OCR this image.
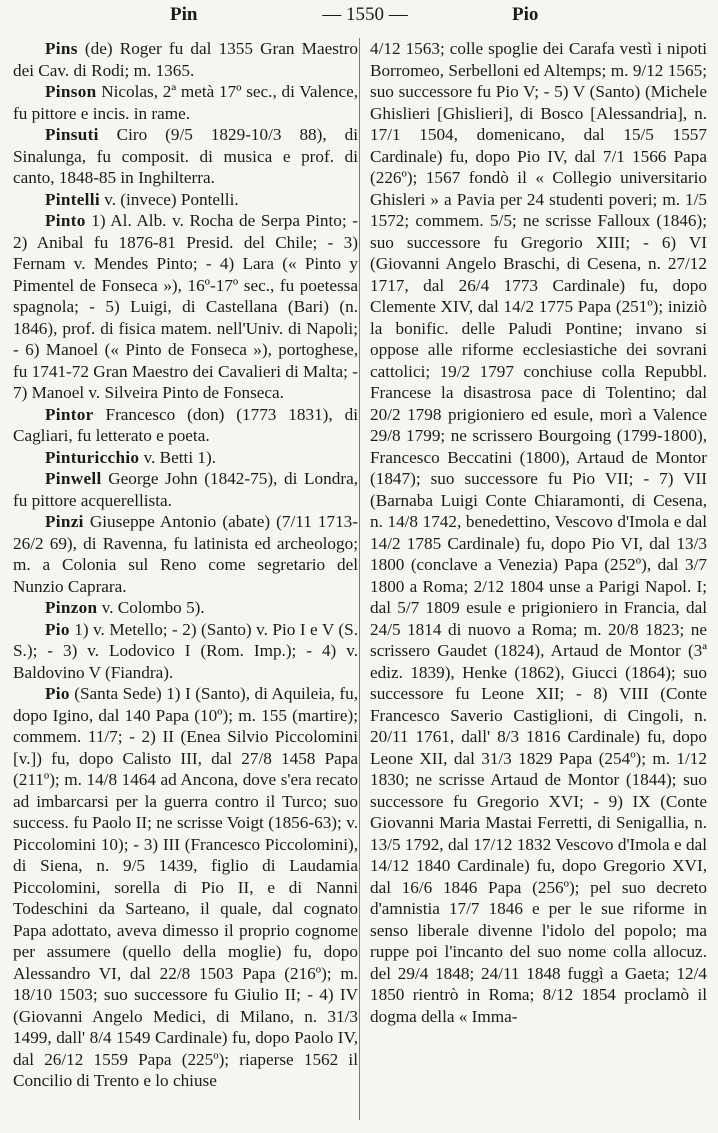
Pin	— 1550 —	Pio

Pins (de) Roger fu dal 1355 Gran Maestro dei Cav. di Rodi; m. 1365.

Pinson Nicolas, 2ª metà 17º sec., di Valence, fu pittore e incis. in rame.

Pinsuti Ciro (9/5 1829-10/3 88), di Sinalunga, fu composit. di musica e prof. di canto, 1848-85 in Inghilterra.

Pintelli v. (invece) Pontelli.

Pinto 1) Al. Alb. v. Rocha de Serpa Pinto; - 2) Anibal fu 1876-81 Presid. del Chile; - 3) Fernam v. Mendes Pinto; - 4) Lara (« Pinto y Pimentel de Fonseca »), 16º-17º sec., fu poetessa spagnola; - 5) Luigi, di Castellana (Bari) (n. 1846), prof. di fisica matem. nell'Univ. di Napoli; - 6) Manoel (« Pinto de Fonseca »), portoghese, fu 1741-72 Gran Maestro dei Cavalieri di Malta; - 7) Manoel v. Silveira Pinto de Fonseca.

Pintor Francesco (don) (1773 1831), di Cagliari, fu letterato e poeta.

Pinturicchio v. Betti 1).

Pinwell George John (1842-75), di Londra, fu pittore acquerellista.

Pinzi Giuseppe Antonio (abate) (7/11 1713-26/2 69), di Ravenna, fu latinista ed archeologo; m. a Colonia sul Reno come segretario del Nunzio Caprara.

Pinzon v. Colombo 5).

Pio 1) v. Metello; - 2) (Santo) v. Pio I e V (S. S.); - 3) v. Lodovico I (Rom. Imp.); - 4) v. Baldovino V (Fiandra).

Pio (Santa Sede) 1) I (Santo), di Aquileia, fu, dopo Igino, dal 140 Papa (10º); m. 155 (martire); commem. 11/7; - 2) II (Enea Silvio Piccolomini [v.]) fu, dopo Calisto III, dal 27/8 1458 Papa (211º); m. 14/8 1464 ad Ancona, dove s'era recato ad imbarcarsi per la guerra contro il Turco; suo success. fu Paolo II; ne scrisse Voigt (1856-63); v. Piccolomini 10); - 3) III (Francesco Piccolomini), di Siena, n. 9/5 1439, figlio di Laudamia Piccolomini, sorella di Pio II, e di Nanni Todeschini da Sarteano, il quale, dal cognato Papa adottato, aveva dimesso il proprio cognome per assumere (quello della moglie) fu, dopo Alessandro VI, dal 22/8 1503 Papa (216º); m. 18/10 1503; suo successore fu Giulio II; - 4) IV (Giovanni Angelo Medici, di Milano, n. 31/3 1499, dall' 8/4 1549 Cardinale) fu, dopo Paolo IV, dal 26/12 1559 Papa (225º); riaperse 1562 il Concilio di Trento e lo chiuse

4/12 1563; colle spoglie dei Carafa vestì i nipoti Borromeo, Serbelloni ed Altemps; m. 9/12 1565; suo successore fu Pio V; - 5) V (Santo) (Michele Ghislieri [Ghislieri], di Bosco [Alessandria], n. 17/1 1504, domenicano, dal 15/5 1557 Cardinale) fu, dopo Pio IV, dal 7/1 1566 Papa (226º); 1567 fondò il « Collegio universitario Ghisleri » a Pavia per 24 studenti poveri; m. 1/5 1572; commem. 5/5; ne scrisse Falloux (1846); suo successore fu Gregorio XIII; - 6) VI (Giovanni Angelo Braschi, di Cesena, n. 27/12 1717, dal 26/4 1773 Cardinale) fu, dopo Clemente XIV, dal 14/2 1775 Papa (251º); iniziò la bonific. delle Paludi Pontine; invano si oppose alle riforme ecclesiastiche dei sovrani cattolici; 19/2 1797 conchiuse colla Repubbl. Francese la disastrosa pace di Tolentino; dal 20/2 1798 prigioniero ed esule, morì a Valence 29/8 1799; ne scrissero Bourgoing (1799-1800), Francesco Beccatini (1800), Artaud de Montor (1847); suo successore fu Pio VII; - 7) VII (Barnaba Luigi Conte Chiaramonti, di Cesena, n. 14/8 1742, benedettino, Vescovo d'Imola e dal 14/2 1785 Cardinale) fu, dopo Pio VI, dal 13/3 1800 (conclave a Venezia) Papa (252º), dal 3/7 1800 a Roma; 2/12 1804 unse a Parigi Napol. I; dal 5/7 1809 esule e prigioniero in Francia, dal 24/5 1814 di nuovo a Roma; m. 20/8 1823; ne scrissero Gaudet (1824), Artaud de Montor (3ª ediz. 1839), Henke (1862), Giucci (1864); suo successore fu Leone XII; - 8) VIII (Conte Francesco Saverio Castiglioni, di Cingoli, n. 20/11 1761, dall' 8/3 1816 Cardinale) fu, dopo Leone XII, dal 31/3 1829 Papa (254º); m. 1/12 1830; ne scrisse Artaud de Montor (1844); suo successore fu Gregorio XVI; - 9) IX (Conte Giovanni Maria Mastai Ferretti, di Senigallia, n. 13/5 1792, dal 17/12 1832 Vescovo d'Imola e dal 14/12 1840 Cardinale) fu, dopo Gregorio XVI, dal 16/6 1846 Papa (256º); pel suo decreto d'amnistia 17/7 1846 e per le sue riforme in senso liberale divenne l'idolo del popolo; ma ruppe poi l'incanto del suo nome colla allocuz. del 29/4 1848; 24/11 1848 fuggì a Gaeta; 12/4 1850 rientrò in Roma; 8/12 1854 proclamò il dogma della « Imma-
